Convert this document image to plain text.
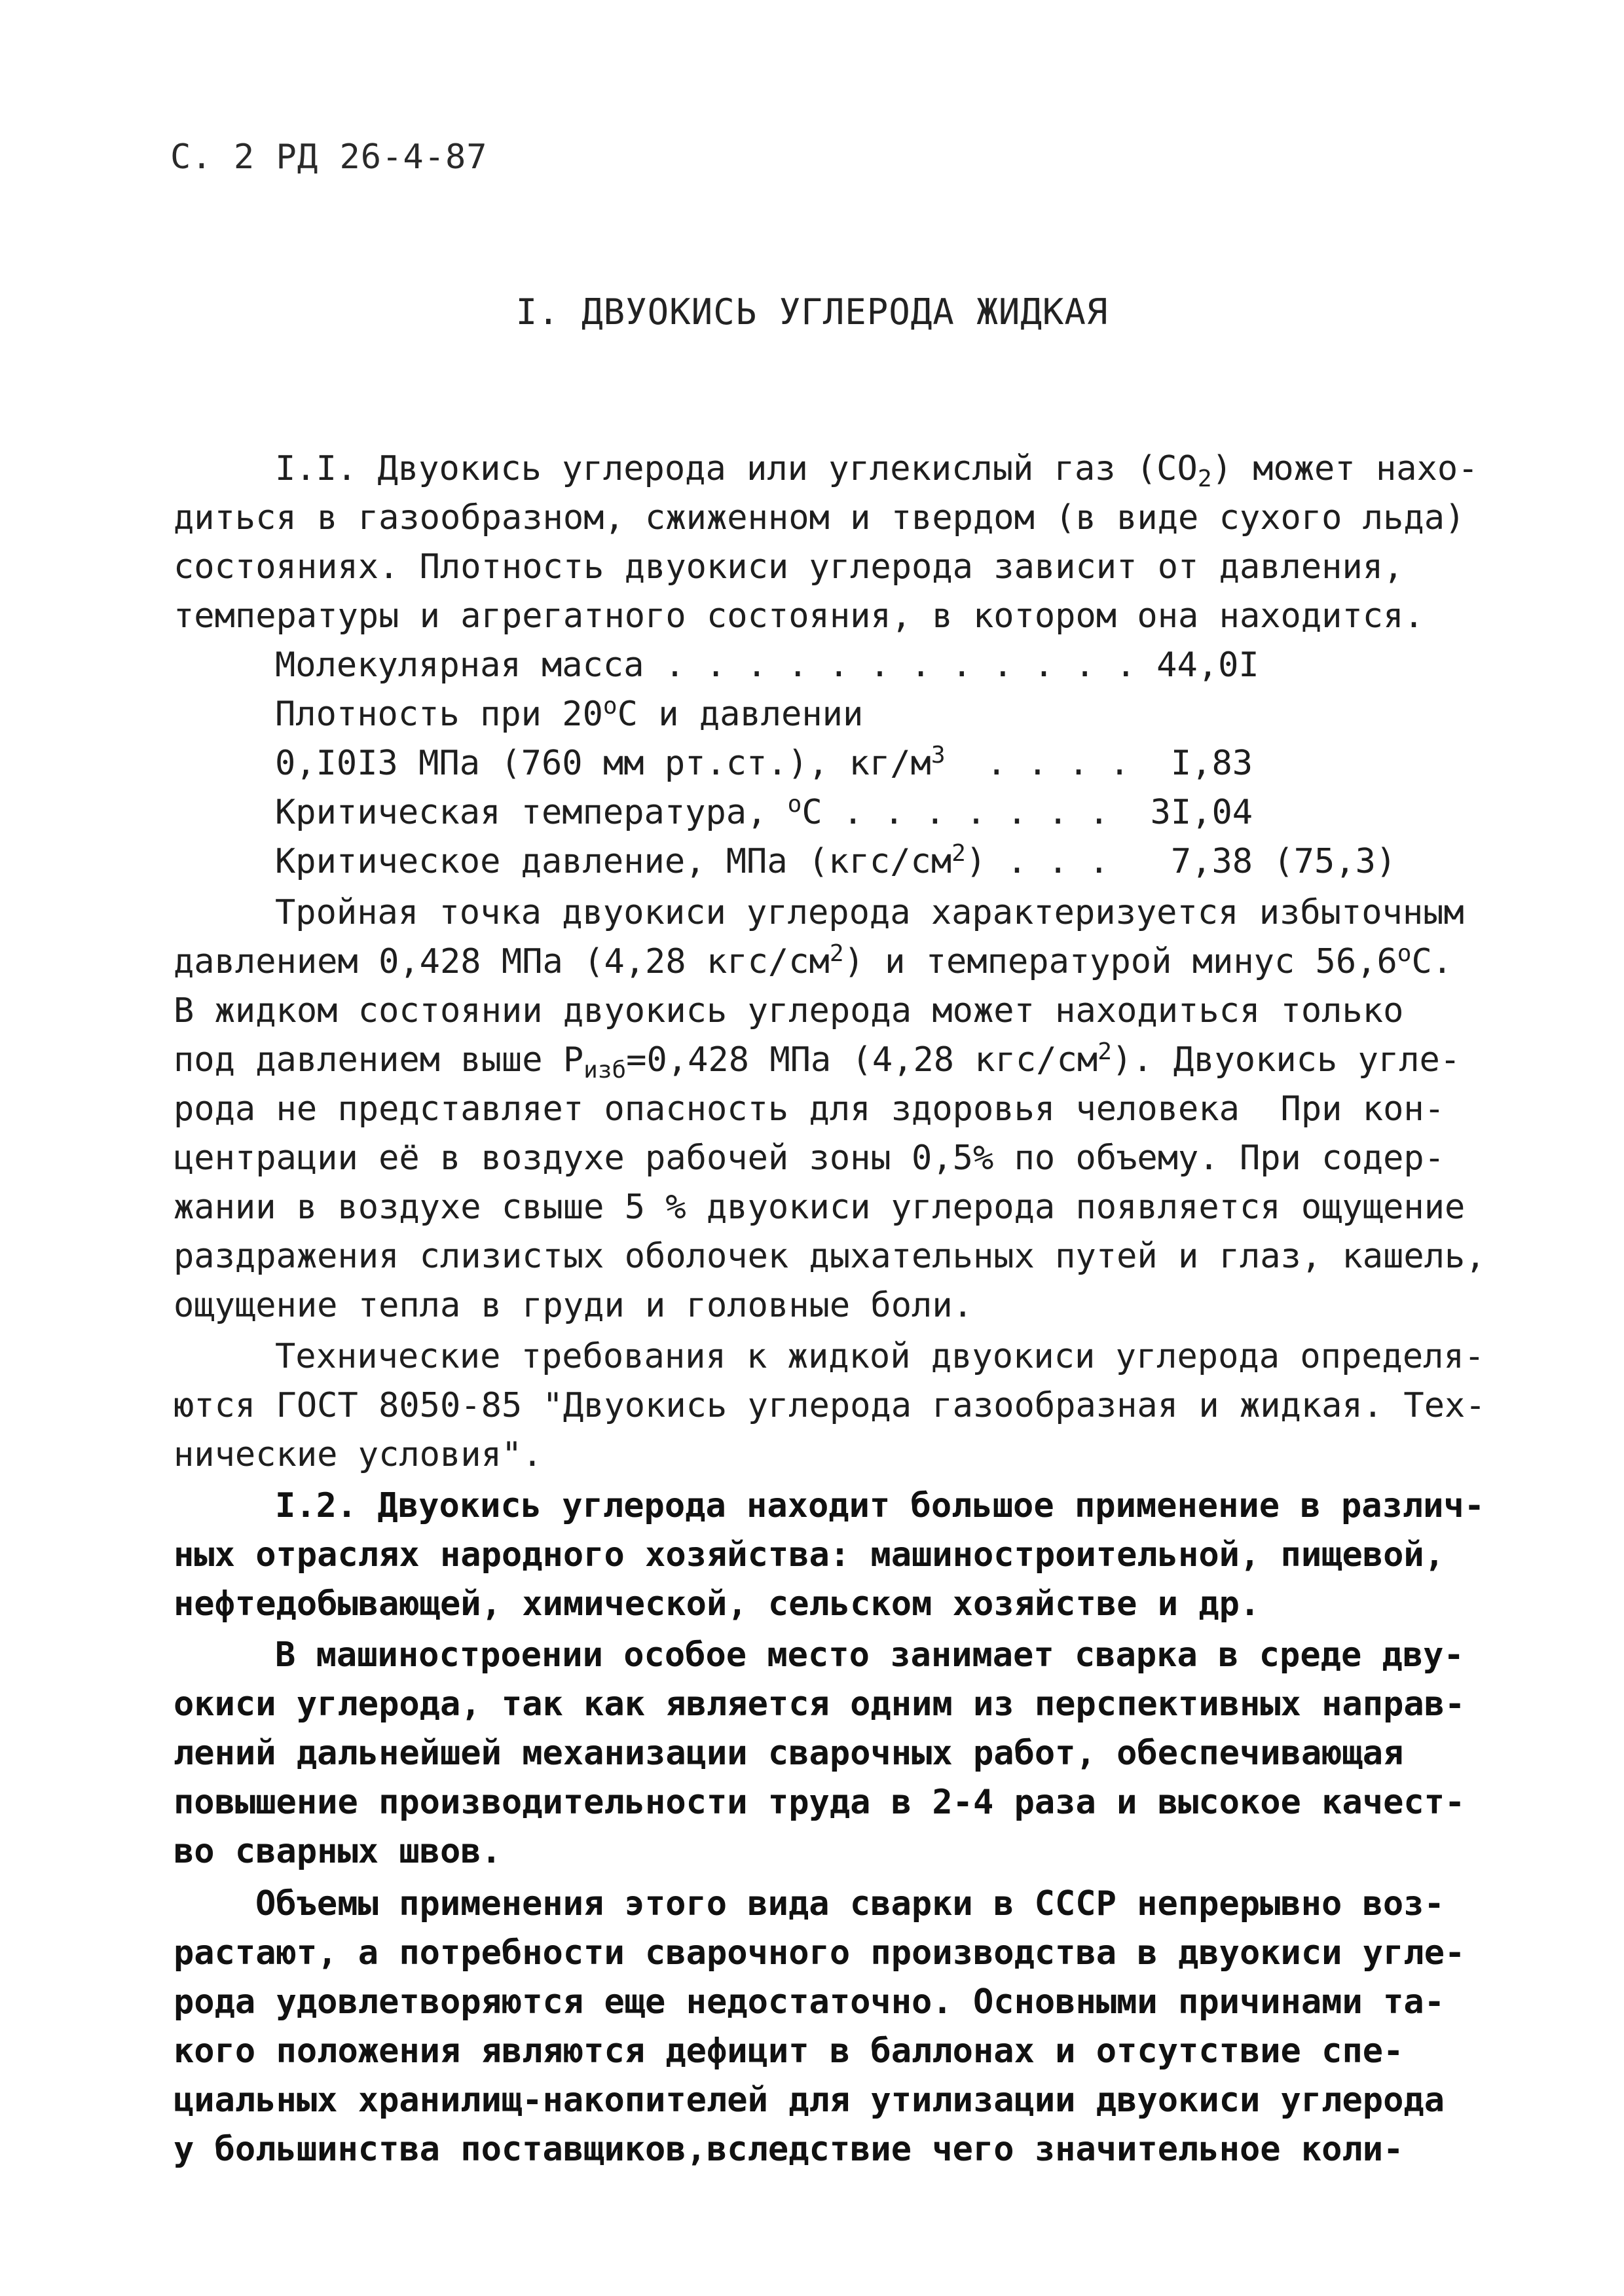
С. 2 РД 26-4-87
I. ДВУОКИСЬ УГЛЕРОДА ЖИДКАЯ
I.I. Двуокись углерода или углекислый газ $(СО_2)$ может нахо-
диться в газообразном, сжиженном и твердом (в виде сухого льда)
состояниях. Плотность двуокиси углерода зависит от давления,
температуры и агрегатного состояния, в котором она находится.
Молекулярная масса . . . . . . . . . . . . 44,0I
Плотность при $20^оС$ и давлении
0,I0I3 МПа (760 мм рт.ст.), $кг/м^3$  . . . .  I,83
Критическая температура, $^о$С . . . . . . .  3I,04
Критическое давление, МПа $(кгс/см^2)$ . . .   7,38 (75,3)
Тройная точка двуокиси углерода характеризуется избыточным
давлением 0,428 МПа (4,28 кгс/$см^2$) и температурой минус $56,6^оС$.
В жидком состоянии двуокись углерода может находиться только
под давлением выше $Р_{изб}=0,428$ МПа (4,28 кгс/$см^2$). Двуокись угле-
рода не представляет опасность для здоровья человека  При кон-
центрации её в воздухе рабочей зоны 0,5% по объему. При содер-
жании в воздухе свыше 5 % двуокиси углерода появляется ощущение
раздражения слизистых оболочек дыхательных путей и глаз, кашель,
ощущение тепла в груди и головные боли.
Технические требования к жидкой двуокиси углерода определя-
ются ГОСТ 8050-85 "Двуокись углерода газообразная и жидкая. Тех-
нические условия".
I.2. Двуокись углерода находит большое применение в различ-
ных отраслях народного хозяйства: машиностроительной, пищевой,
нефтедобывающей, химической, сельском хозяйстве и др.
В машиностроении особое место занимает сварка в среде дву-
окиси углерода, так как является одним из перспективных направ-
лений дальнейшей механизации сварочных работ, обеспечивающая
повышение производительности труда в 2-4 раза и высокое качест-
во сварных швов.
Объемы применения этого вида сварки в СССР непрерывно воз-
растают, а потребности сварочного производства в двуокиси угле-
рода удовлетворяются еще недостаточно. Основными причинами та-
кого положения являются дефицит в баллонах и отсутствие спе-
циальных хранилищ-накопителей для утилизации двуокиси углерода
у большинства поставщиков,вследствие чего значительное коли-
